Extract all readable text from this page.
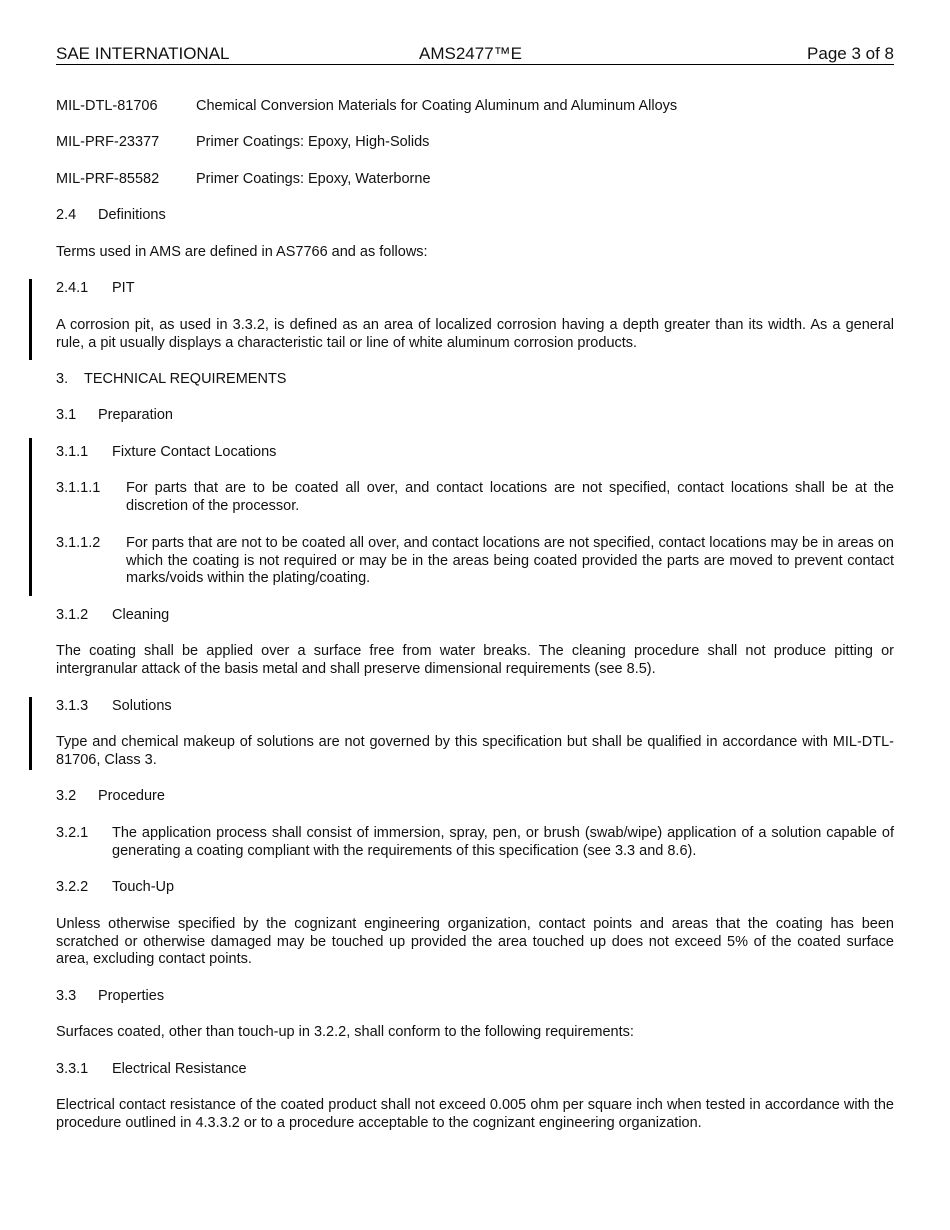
SAE INTERNATIONAL	AMS2477™E	Page 3 of 8
MIL-DTL-81706	Chemical Conversion Materials for Coating Aluminum and Aluminum Alloys
MIL-PRF-23377	Primer Coatings: Epoxy, High-Solids
MIL-PRF-85582	Primer Coatings: Epoxy, Waterborne
2.4 Definitions
Terms used in AMS are defined in AS7766 and as follows:
2.4.1 PIT
A corrosion pit, as used in 3.3.2, is defined as an area of localized corrosion having a depth greater than its width. As a general rule, a pit usually displays a characteristic tail or line of white aluminum corrosion products.
3. TECHNICAL REQUIREMENTS
3.1 Preparation
3.1.1 Fixture Contact Locations
3.1.1.1 For parts that are to be coated all over, and contact locations are not specified, contact locations shall be at the discretion of the processor.
3.1.1.2 For parts that are not to be coated all over, and contact locations are not specified, contact locations may be in areas on which the coating is not required or may be in the areas being coated provided the parts are moved to prevent contact marks/voids within the plating/coating.
3.1.2 Cleaning
The coating shall be applied over a surface free from water breaks. The cleaning procedure shall not produce pitting or intergranular attack of the basis metal and shall preserve dimensional requirements (see 8.5).
3.1.3 Solutions
Type and chemical makeup of solutions are not governed by this specification but shall be qualified in accordance with MIL-DTL-81706, Class 3.
3.2 Procedure
3.2.1 The application process shall consist of immersion, spray, pen, or brush (swab/wipe) application of a solution capable of generating a coating compliant with the requirements of this specification (see 3.3 and 8.6).
3.2.2 Touch-Up
Unless otherwise specified by the cognizant engineering organization, contact points and areas that the coating has been scratched or otherwise damaged may be touched up provided the area touched up does not exceed 5% of the coated surface area, excluding contact points.
3.3 Properties
Surfaces coated, other than touch-up in 3.2.2, shall conform to the following requirements:
3.3.1 Electrical Resistance
Electrical contact resistance of the coated product shall not exceed 0.005 ohm per square inch when tested in accordance with the procedure outlined in 4.3.3.2 or to a procedure acceptable to the cognizant engineering organization.
